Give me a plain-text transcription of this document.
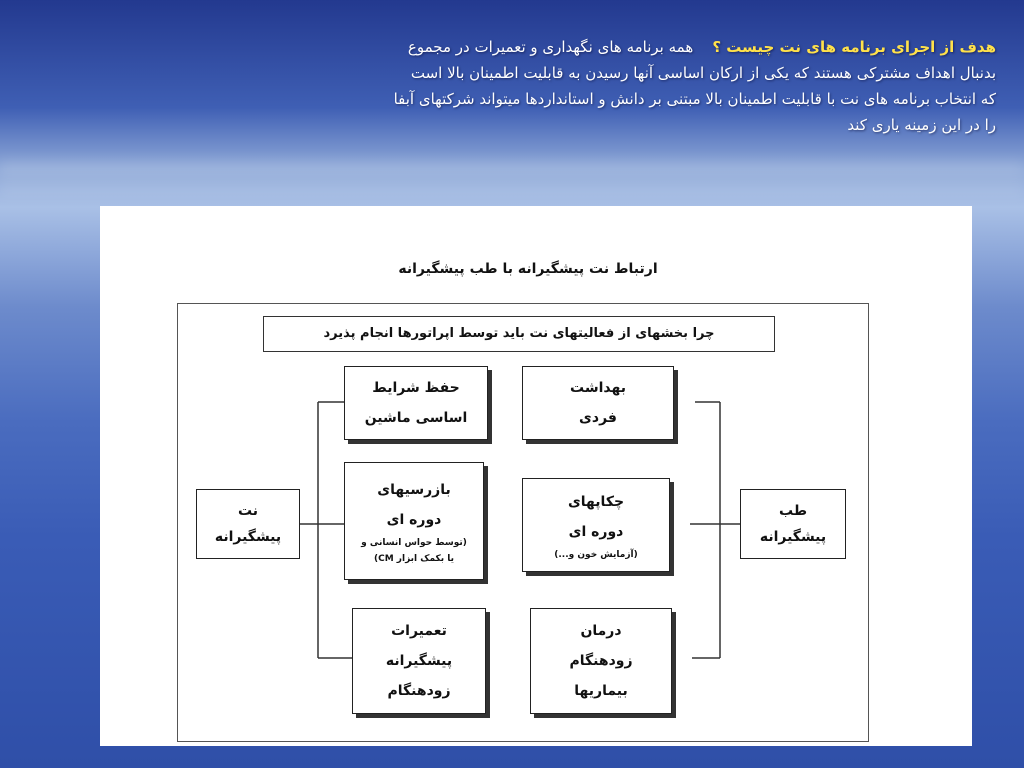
هدف از اجرای برنامه های نت چیست ؟    همه برنامه های نگهداری و تعمیرات در مجموع
بدنبال اهداف مشترکی هستند که یکی از ارکان اساسی آنها رسیدن به قابلیت اطمینان بالا است
که انتخاب برنامه های نت با قابلیت اطمینان بالا مبتنی بر دانش و استانداردها میتواند شرکتهای آبفا
را در این زمینه یاری کند
ارتباط نت پیشگیرانه با طب پیشگیرانه
چرا بخشهای از فعالیتهای نت باید توسط اپراتورها انجام پذیرد
نت
پیشگیرانه
طب
پیشگیرانه
حفظ شرایط
اساسی ماشین
بازرسیهای
دوره ای
(توسط حواس انسانی و
یا بکمک ابزار CM)
تعمیرات
پیشگیرانه
زودهنگام
بهداشت
فردی
چکاپهای
دوره ای
(آزمایش خون و...)
درمان
زودهنگام
بیماریها
